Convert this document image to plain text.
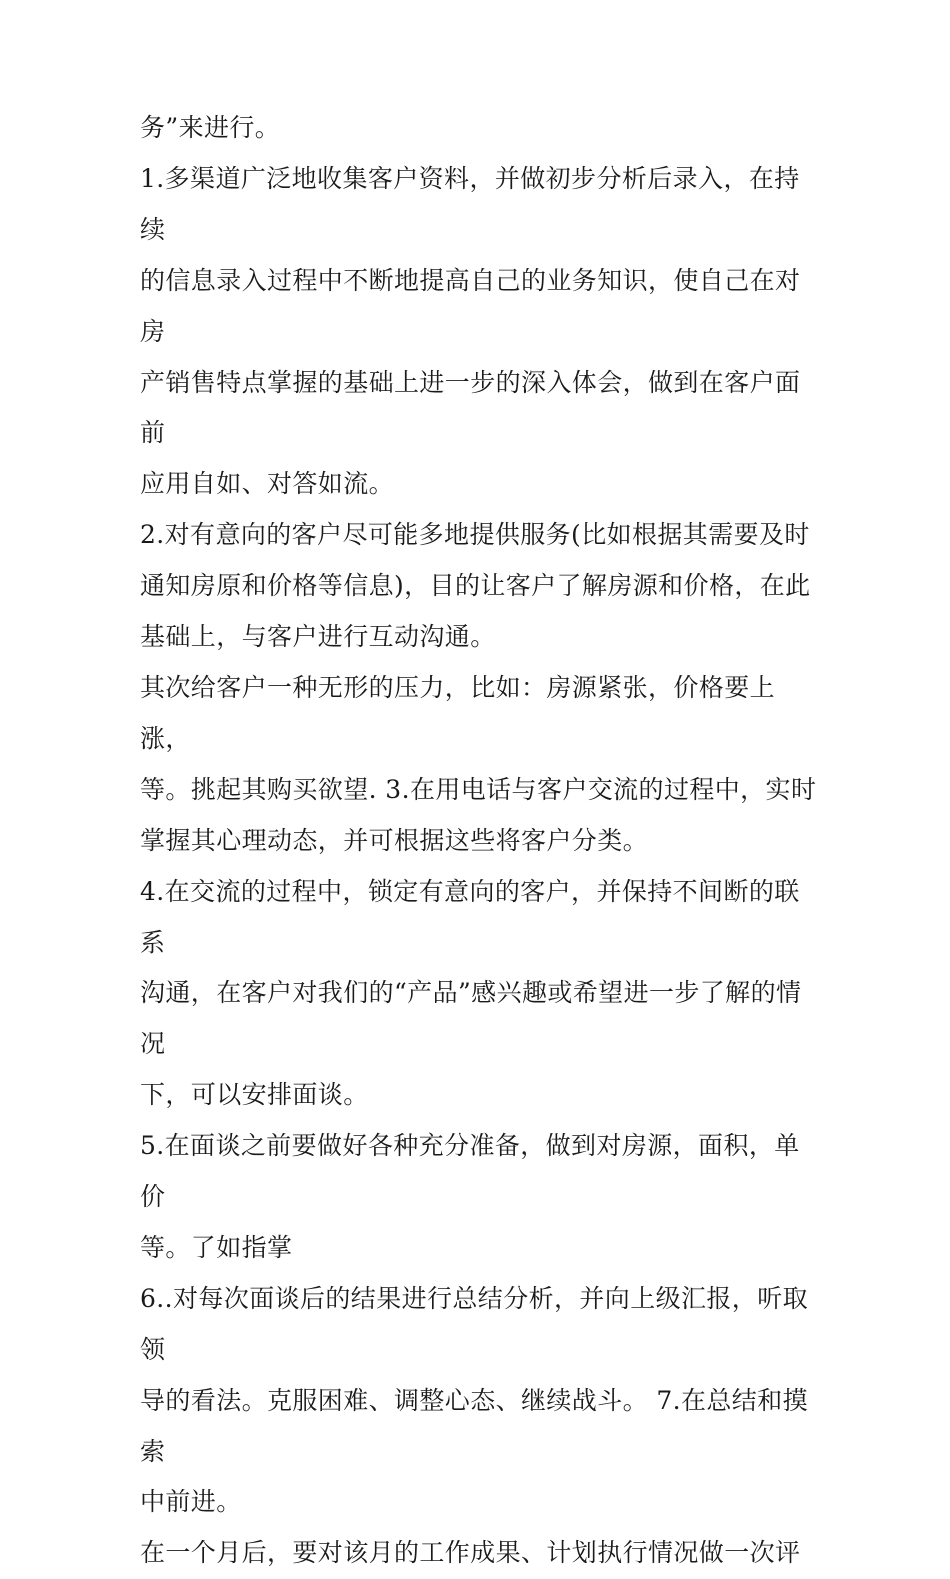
务”来进行。

1.多渠道广泛地收集客户资料，并做初步分析后录入，在持续

的信息录入过程中不断地提高自己的业务知识，使自己在对房

产销售特点掌握的基础上进一步的深入体会，做到在客户面前

应用自如、对答如流。

2.对有意向的客户尽可能多地提供服务(比如根据其需要及时

通知房原和价格等信息)，目的让客户了解房源和价格，在此

基础上，与客户进行互动沟通。

其次给客户一种无形的压力，比如：房源紧张，价格要上涨，

等。挑起其购买欲望. 3.在用电话与客户交流的过程中，实时

掌握其心理动态，并可根据这些将客户分类。

4.在交流的过程中，锁定有意向的客户，并保持不间断的联系

沟通，在客户对我们的“产品”感兴趣或希望进一步了解的情况

下，可以安排面谈。

5.在面谈之前要做好各种充分准备，做到对房源，面积，单价

等。了如指掌

6..对每次面谈后的结果进行总结分析，并向上级汇报，听取领

导的看法。克服困难、调整心态、继续战斗。 7.在总结和摸索

中前进。

在一个月后，要对该月的工作成果、计划执行情况做一次评
